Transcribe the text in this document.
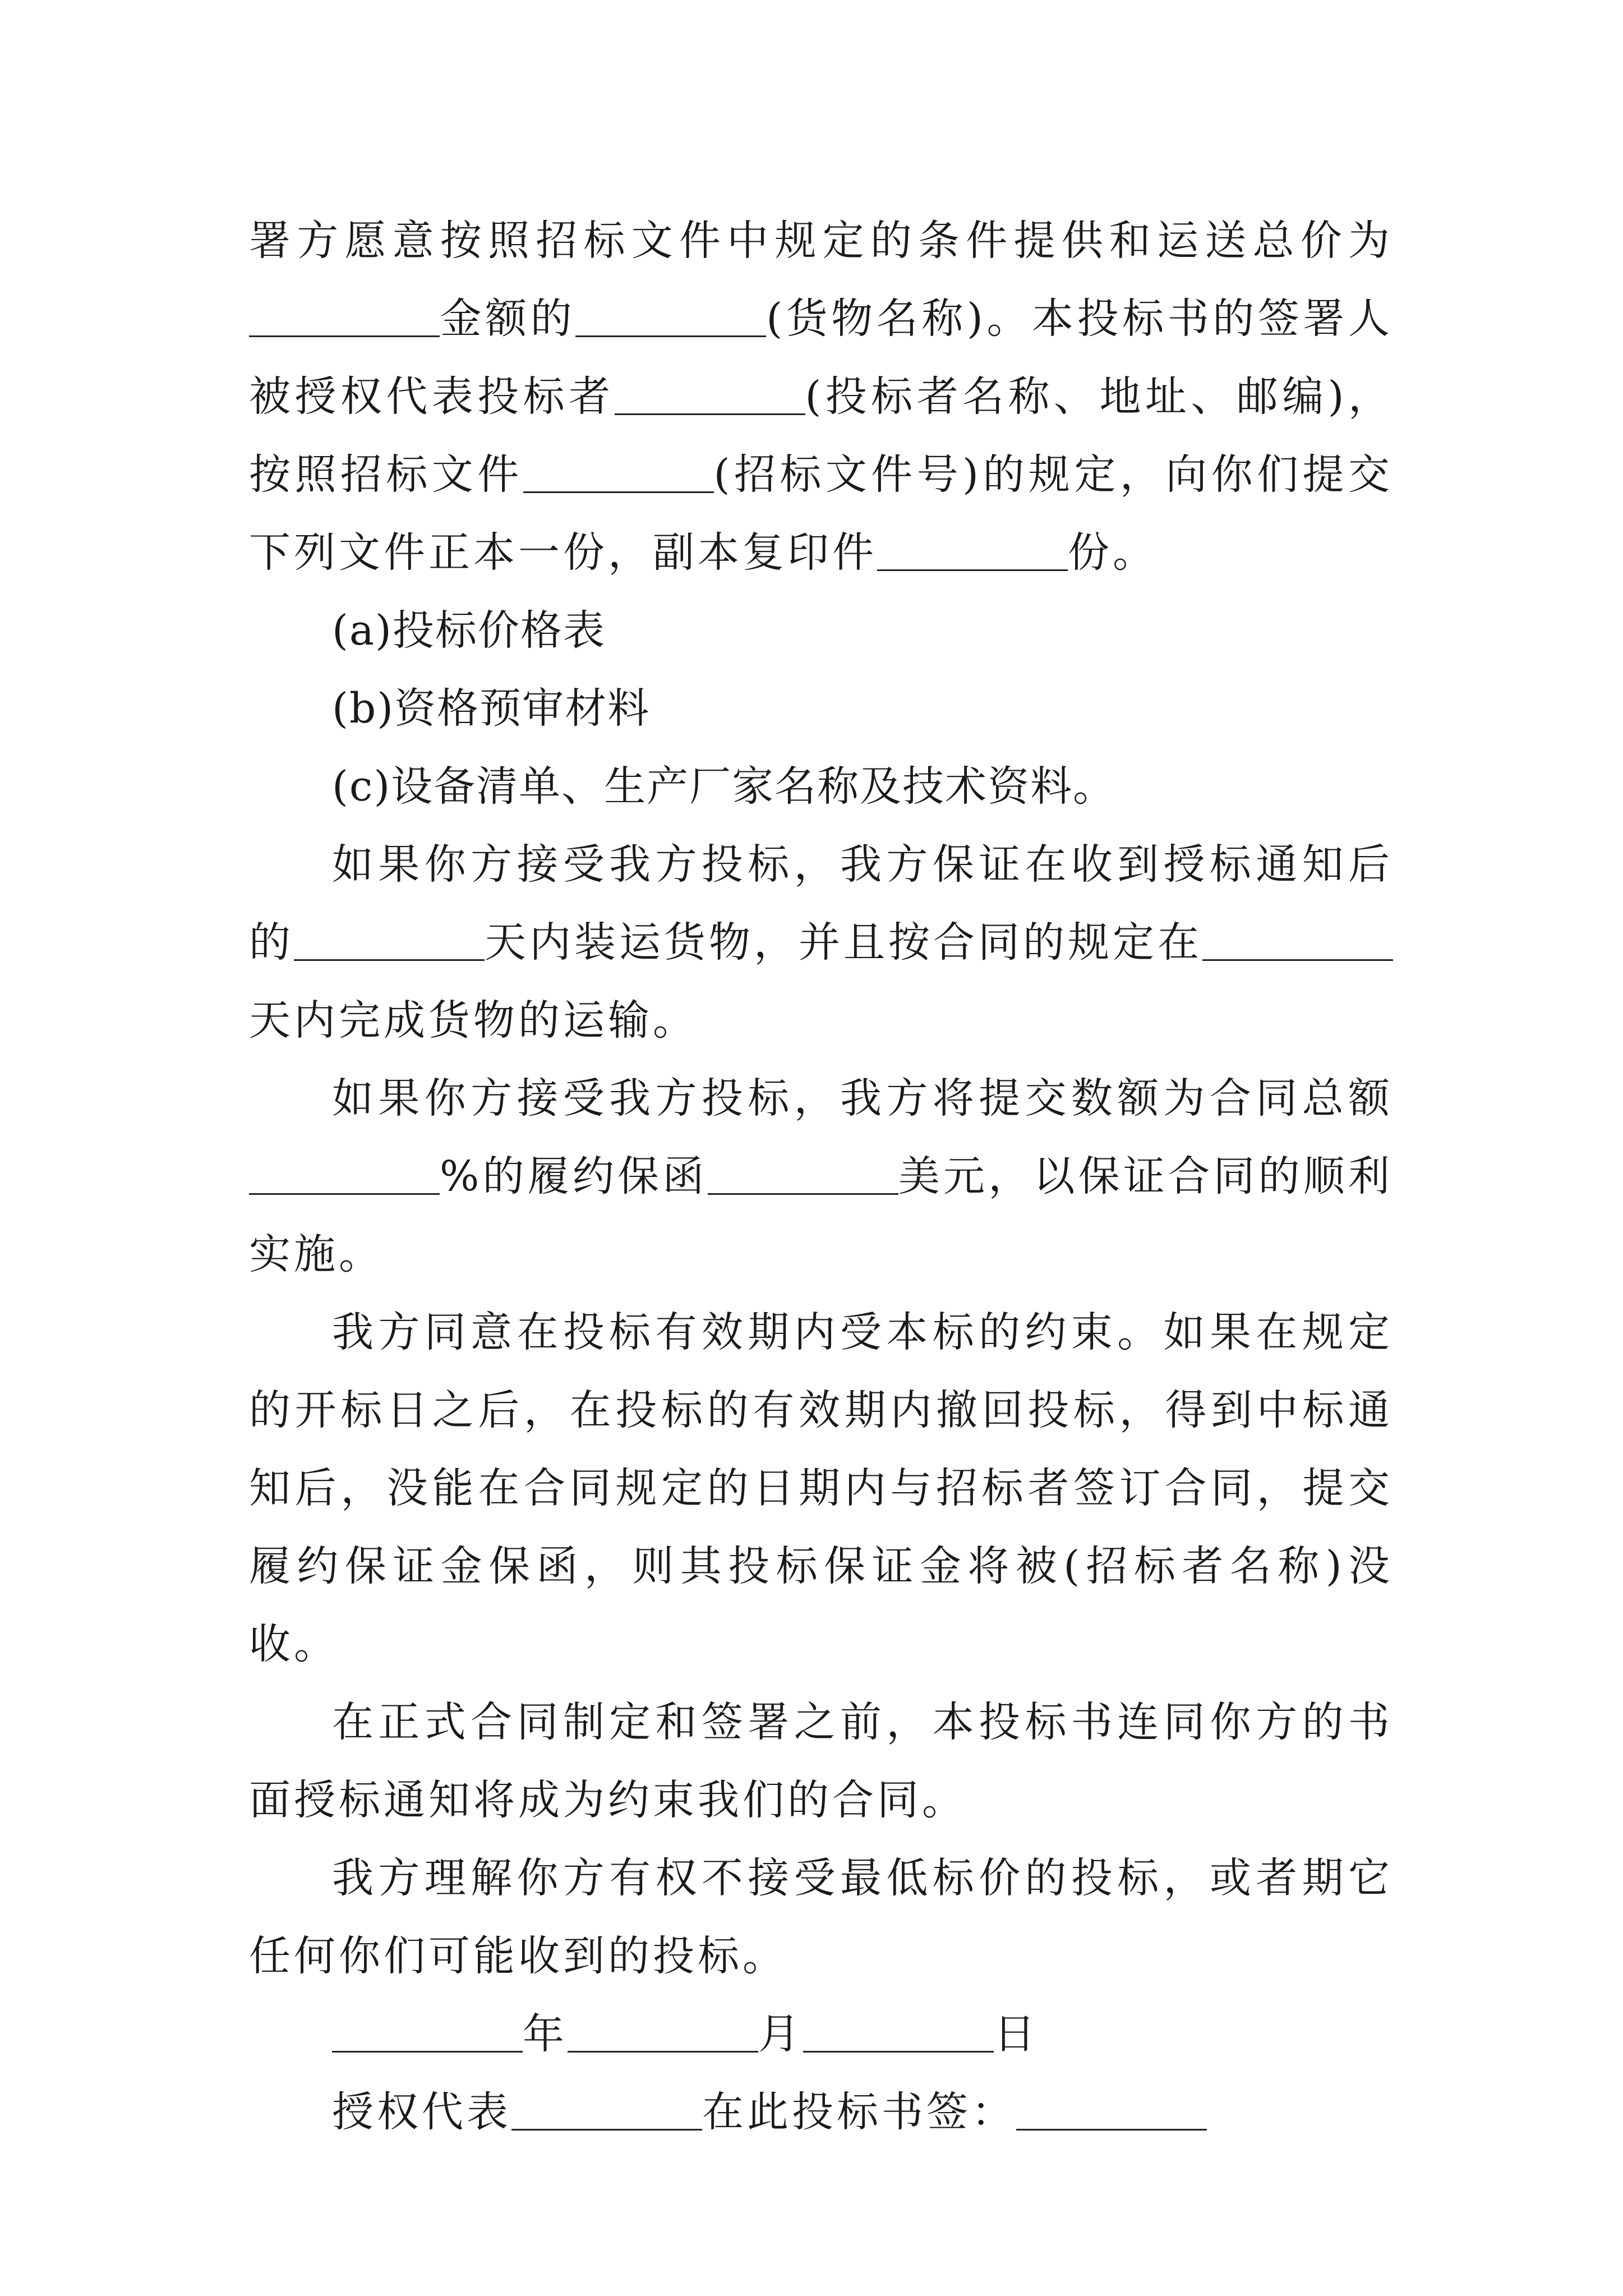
署方愿意按照招标文件中规定的条件提供和运送总价为金额的	(货物名称)。本投标书的签署人被授权代表投标者	(投标者名称、地址、邮编)，按照招标文件	(招标文件号)的规定，向你们提交下列文件正本一份，副本复印件	份。

(a)投标价格表

(b)资格预审材料

(c)设备清单、生产厂家名称及技术资料。

如果你方接受我方投标，我方保证在收到授标通知后的	天内装运货物，并且按合同的规定在天内完成货物的运输。

如果你方接受我方投标，我方将提交数额为合同总额%的履约保函	美元，以保证合同的顺利实施。

我方同意在投标有效期内受本标的约束。如果在规定的开标日之后，在投标的有效期内撤回投标，得到中标通知后，没能在合同规定的日期内与招标者签订合同，提交履约保证金保函，则其投标保证金将被(招标者名称)没收。

在正式合同制定和签署之前，本投标书连同你方的书面授标通知将成为约束我们的合同。

我方理解你方有权不接受最低标价的投标，或者期它任何你们可能收到的投标。

年	月	日

授权代表	在此投标书签：
